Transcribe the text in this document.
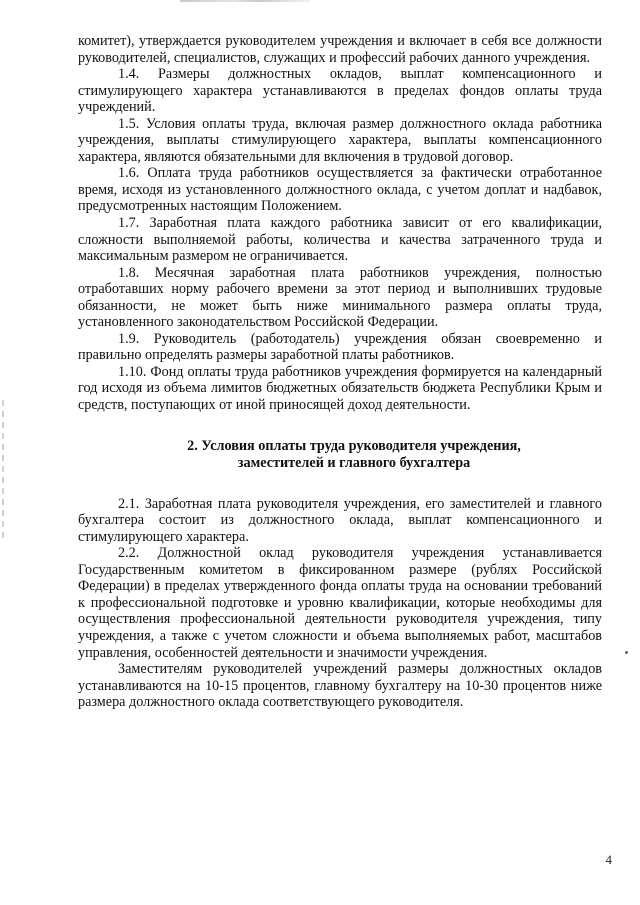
комитет), утверждается руководителем учреждения и включает в себя все должности руководителей, специалистов, служащих и профессий рабочих данного учреждения.

1.4. Размеры должностных окладов, выплат компенсационного и стимулирующего характера устанавливаются в пределах фондов оплаты труда учреждений.

1.5. Условия оплаты труда, включая размер должностного оклада работника учреждения, выплаты стимулирующего характера, выплаты компенсационного характера, являются обязательными для включения в трудовой договор.

1.6. Оплата труда работников осуществляется за фактически отработанное время, исходя из установленного должностного оклада, с учетом доплат и надбавок, предусмотренных настоящим Положением.

1.7. Заработная плата каждого работника зависит от его квалификации, сложности выполняемой работы, количества и качества затраченного труда и максимальным размером не ограничивается.

1.8. Месячная заработная плата работников учреждения, полностью отработавших норму рабочего времени за этот период и выполнивших трудовые обязанности, не может быть ниже минимального размера оплаты труда, установленного законодательством Российской Федерации.

1.9. Руководитель (работодатель) учреждения обязан своевременно и правильно определять размеры заработной платы работников.

1.10. Фонд оплаты труда работников учреждения формируется на календарный год исходя из объема лимитов бюджетных обязательств бюджета Республики Крым и средств, поступающих от иной приносящей доход деятельности.

2. Условия оплаты труда руководителя учреждения,
заместителей и главного бухгалтера

2.1. Заработная плата руководителя учреждения, его заместителей и главного бухгалтера состоит из должностного оклада, выплат компенсационного и стимулирующего характера.

2.2. Должностной оклад руководителя учреждения устанавливается Государственным комитетом в фиксированном размере (рублях Российской Федерации) в пределах утвержденного фонда оплаты труда на основании требований к профессиональной подготовке и уровню квалификации, которые необходимы для осуществления профессиональной деятельности руководителя учреждения, типу учреждения, а также с учетом сложности и объема выполняемых работ, масштабов управления, особенностей деятельности и значимости учреждения.

Заместителям руководителей учреждений размеры должностных окладов устанавливаются на 10-15 процентов, главному бухгалтеру на 10-30 процентов ниже размера должностного оклада соответствующего руководителя.

4
